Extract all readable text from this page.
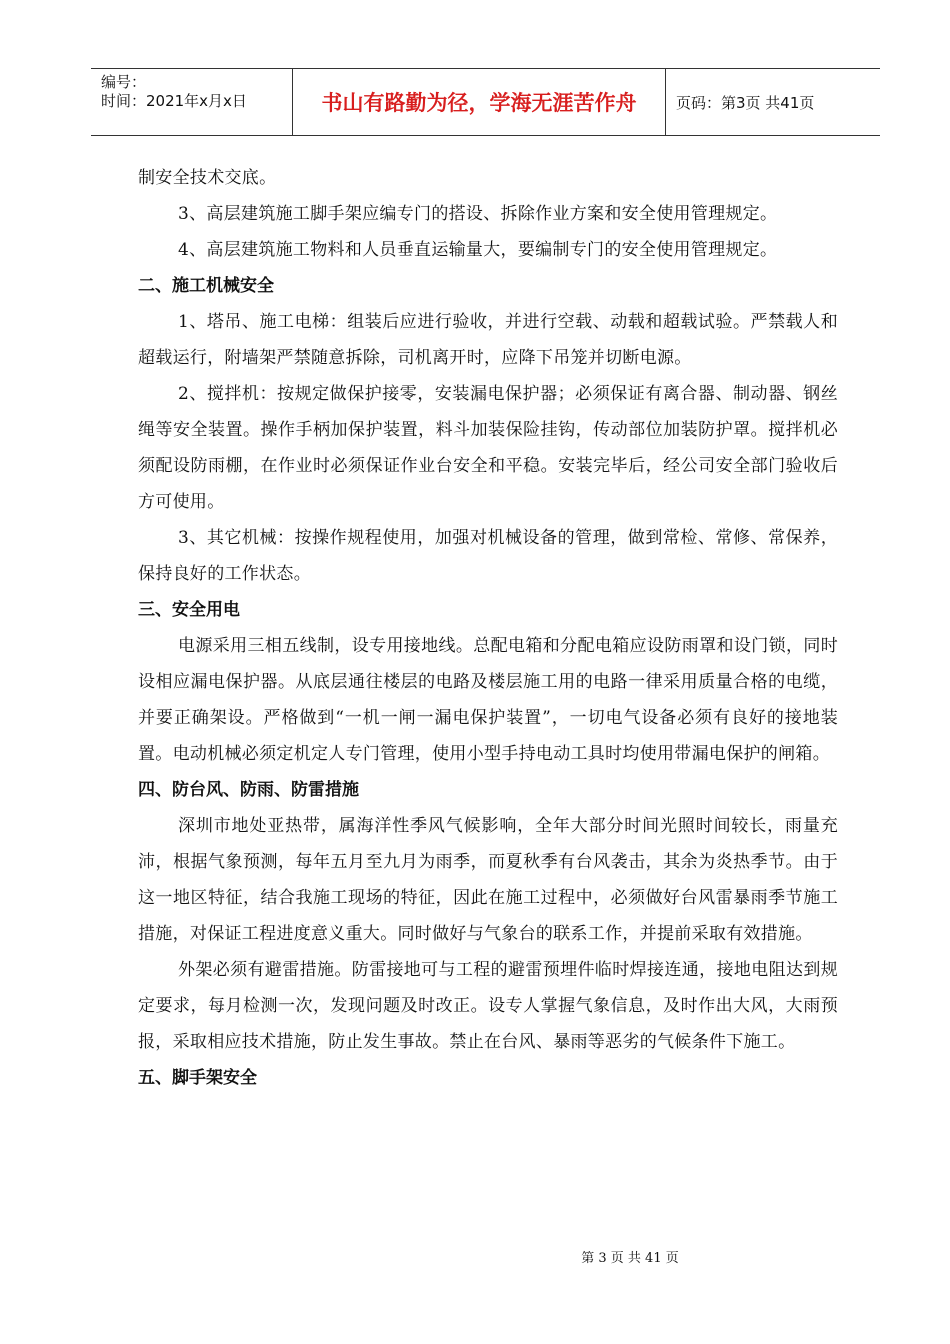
编号：
时间：2021年x月x日	书山有路勤为径，学海无涯苦作舟	页码：第3页 共41页

制安全技术交底。

3、高层建筑施工脚手架应编专门的搭设、拆除作业方案和安全使用管理规定。

4、高层建筑施工物料和人员垂直运输量大，要编制专门的安全使用管理规定。

二、施工机械安全

1、塔吊、施工电梯：组装后应进行验收，并进行空载、动载和超载试验。严禁载人和超载运行，附墙架严禁随意拆除，司机离开时，应降下吊笼并切断电源。

2、搅拌机：按规定做保护接零，安装漏电保护器；必须保证有离合器、制动器、钢丝绳等安全装置。操作手柄加保护装置，料斗加装保险挂钩，传动部位加装防护罩。搅拌机必须配设防雨棚，在作业时必须保证作业台安全和平稳。安装完毕后，经公司安全部门验收后方可使用。

3、其它机械：按操作规程使用，加强对机械设备的管理，做到常检、常修、常保养，保持良好的工作状态。

三、安全用电

电源采用三相五线制，设专用接地线。总配电箱和分配电箱应设防雨罩和设门锁，同时设相应漏电保护器。从底层通往楼层的电路及楼层施工用的电路一律采用质量合格的电缆，并要正确架设。严格做到“一机一闸一漏电保护装置”，一切电气设备必须有良好的接地装置。电动机械必须定机定人专门管理，使用小型手持电动工具时均使用带漏电保护的闸箱。

四、防台风、防雨、防雷措施

深圳市地处亚热带，属海洋性季风气候影响，全年大部分时间光照时间较长，雨量充沛，根据气象预测，每年五月至九月为雨季，而夏秋季有台风袭击，其余为炎热季节。由于这一地区特征，结合我施工现场的特征，因此在施工过程中，必须做好台风雷暴雨季节施工措施，对保证工程进度意义重大。同时做好与气象台的联系工作，并提前采取有效措施。

外架必须有避雷措施。防雷接地可与工程的避雷预埋件临时焊接连通，接地电阻达到规定要求，每月检测一次，发现问题及时改正。设专人掌握气象信息，及时作出大风，大雨预报，采取相应技术措施，防止发生事故。禁止在台风、暴雨等恶劣的气候条件下施工。

五、脚手架安全

第 3 页 共 41 页
